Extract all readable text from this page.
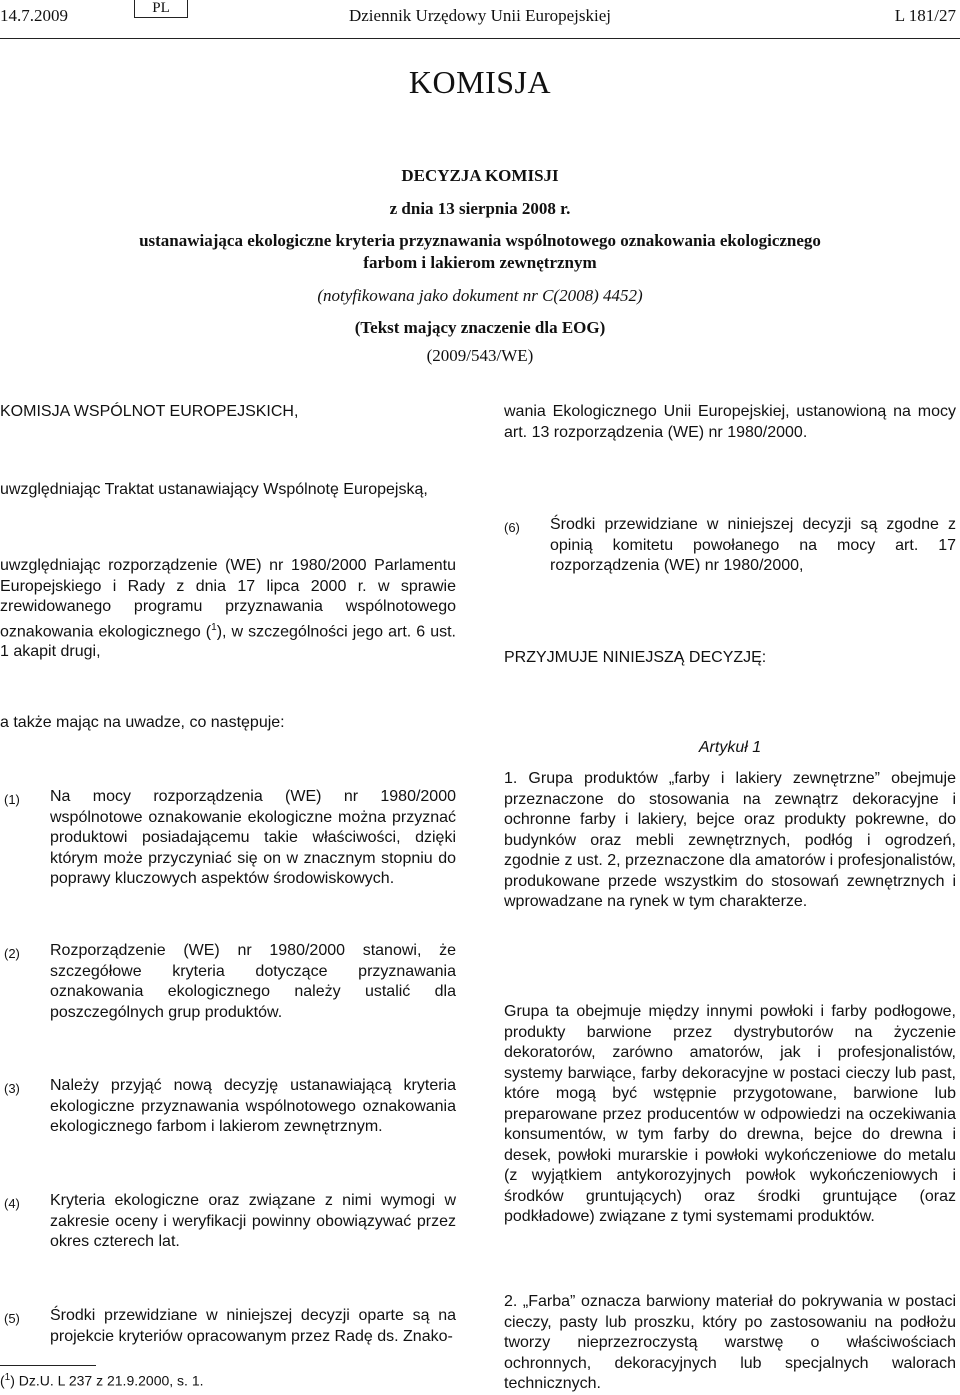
14.7.2009	PL	Dziennik Urzędowy Unii Europejskiej	L 181/27
KOMISJA
DECYZJA KOMISJI
z dnia 13 sierpnia 2008 r.
ustanawiająca ekologiczne kryteria przyznawania wspólnotowego oznakowania ekologicznego
farbom i lakierom zewnętrznym
(notyfikowana jako dokument nr C(2008) 4452)
(Tekst mający znaczenie dla EOG)
(2009/543/WE)

KOMISJA WSPÓLNOT EUROPEJSKICH,

uwzględniając Traktat ustanawiający Wspólnotę Europejską,

uwzględniając rozporządzenie (WE) nr 1980/2000 Parlamentu Europejskiego i Rady z dnia 17 lipca 2000 r. w sprawie zrewidowanego programu przyznawania wspólnotowego oznakowania ekologicznego ($^1$), w szczególności jego art. 6 ust. 1 akapit drugi,

a także mając na uwadze, co następuje:

(1) Na mocy rozporządzenia (WE) nr 1980/2000 wspólnotowe oznakowanie ekologiczne można przyznać produktowi posiadającemu takie właściwości, dzięki którym może przyczyniać się on w znacznym stopniu do poprawy kluczowych aspektów środowiskowych.

(2) Rozporządzenie (WE) nr 1980/2000 stanowi, że szczegółowe kryteria dotyczące przyznawania oznakowania ekologicznego należy ustalić dla poszczególnych grup produktów.

(3) Należy przyjąć nową decyzję ustanawiającą kryteria ekologiczne przyznawania wspólnotowego oznakowania ekologicznego farbom i lakierom zewnętrznym.

(4) Kryteria ekologiczne oraz związane z nimi wymogi w zakresie oceny i weryfikacji powinny obowiązywać przez okres czterech lat.

(5) Środki przewidziane w niniejszej decyzji oparte są na projekcie kryteriów opracowanym przez Radę ds. Znako-

($^1$) Dz.U. L 237 z 21.9.2000, s. 1.

wania Ekologicznego Unii Europejskiej, ustanowioną na mocy art. 13 rozporządzenia (WE) nr 1980/2000.

(6) Środki przewidziane w niniejszej decyzji są zgodne z opinią komitetu powołanego na mocy art. 17 rozporządzenia (WE) nr 1980/2000,

PRZYJMUJE NINIEJSZĄ DECYZJĘ:

Artykuł 1

1. Grupa produktów „farby i lakiery zewnętrzne” obejmuje przeznaczone do stosowania na zewnątrz dekoracyjne i ochronne farby i lakiery, bejce oraz produkty pokrewne, do budynków oraz mebli zewnętrznych, podłóg i ogrodzeń, zgodnie z ust. 2, przeznaczone dla amatorów i profesjonalistów, produkowane przede wszystkim do stosowań zewnętrznych i wprowadzane na rynek w tym charakterze.

Grupa ta obejmuje między innymi powłoki i farby podłogowe, produkty barwione przez dystrybutorów na życzenie dekoratorów, zarówno amatorów, jak i profesjonalistów, systemy barwiące, farby dekoracyjne w postaci cieczy lub past, które mogą być wstępnie przygotowane, barwione lub preparowane przez producentów w odpowiedzi na oczekiwania konsumentów, w tym farby do drewna, bejce do drewna i desek, powłoki murarskie i powłoki wykończeniowe do metalu (z wyjątkiem antykorozyjnych powłok wykończeniowych i środków gruntujących) oraz środki gruntujące (oraz podkładowe) związane z tymi systemami produktów.

2. „Farba” oznacza barwiony materiał do pokrywania w postaci cieczy, pasty lub proszku, który po zastosowaniu na podłożu tworzy nieprzezroczystą warstwę o właściwościach ochronnych, dekoracyjnych lub specjalnych walorach technicznych.
